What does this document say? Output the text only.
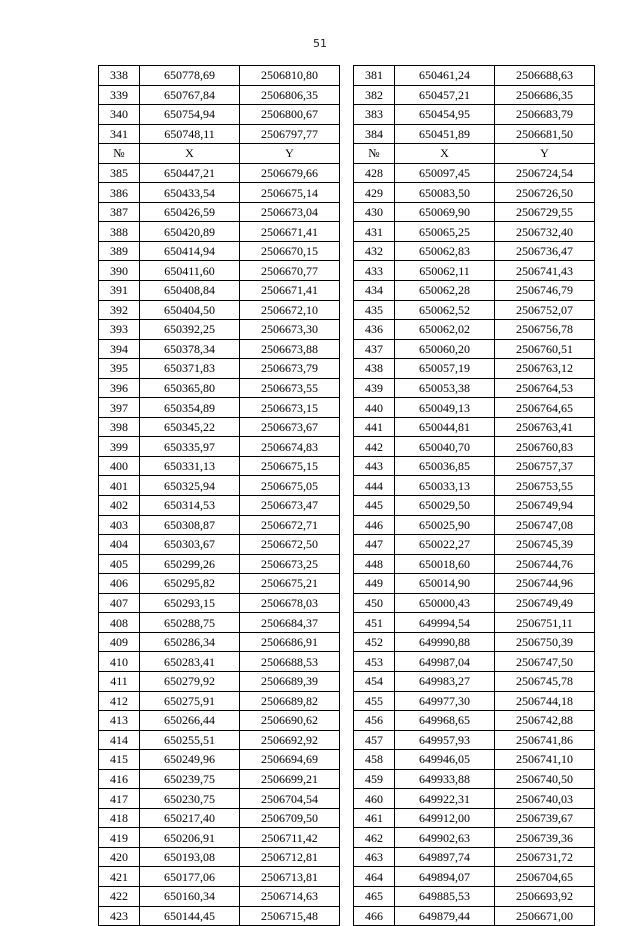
51
338	650778,69	2506810,80		381	650461,24	2506688,63
339	650767,84	2506806,35		382	650457,21	2506686,35
340	650754,94	2506800,67		383	650454,95	2506683,79
341	650748,11	2506797,77		384	650451,89	2506681,50
№	X	Y		№	X	Y
385	650447,21	2506679,66		428	650097,45	2506724,54
386	650433,54	2506675,14		429	650083,50	2506726,50
387	650426,59	2506673,04		430	650069,90	2506729,55
388	650420,89	2506671,41		431	650065,25	2506732,40
389	650414,94	2506670,15		432	650062,83	2506736,47
390	650411,60	2506670,77		433	650062,11	2506741,43
391	650408,84	2506671,41		434	650062,28	2506746,79
392	650404,50	2506672,10		435	650062,52	2506752,07
393	650392,25	2506673,30		436	650062,02	2506756,78
394	650378,34	2506673,88		437	650060,20	2506760,51
395	650371,83	2506673,79		438	650057,19	2506763,12
396	650365,80	2506673,55		439	650053,38	2506764,53
397	650354,89	2506673,15		440	650049,13	2506764,65
398	650345,22	2506673,67		441	650044,81	2506763,41
399	650335,97	2506674,83		442	650040,70	2506760,83
400	650331,13	2506675,15		443	650036,85	2506757,37
401	650325,94	2506675,05		444	650033,13	2506753,55
402	650314,53	2506673,47		445	650029,50	2506749,94
403	650308,87	2506672,71		446	650025,90	2506747,08
404	650303,67	2506672,50		447	650022,27	2506745,39
405	650299,26	2506673,25		448	650018,60	2506744,76
406	650295,82	2506675,21		449	650014,90	2506744,96
407	650293,15	2506678,03		450	650000,43	2506749,49
408	650288,75	2506684,37		451	649994,54	2506751,11
409	650286,34	2506686,91		452	649990,88	2506750,39
410	650283,41	2506688,53		453	649987,04	2506747,50
411	650279,92	2506689,39		454	649983,27	2506745,78
412	650275,91	2506689,82		455	649977,30	2506744,18
413	650266,44	2506690,62		456	649968,65	2506742,88
414	650255,51	2506692,92		457	649957,93	2506741,86
415	650249,96	2506694,69		458	649946,05	2506741,10
416	650239,75	2506699,21		459	649933,88	2506740,50
417	650230,75	2506704,54		460	649922,31	2506740,03
418	650217,40	2506709,50		461	649912,00	2506739,67
419	650206,91	2506711,42		462	649902,63	2506739,36
420	650193,08	2506712,81		463	649897,74	2506731,72
421	650177,06	2506713,81		464	649894,07	2506704,65
422	650160,34	2506714,63		465	649885,53	2506693,92
423	650144,45	2506715,48		466	649879,44	2506671,00
